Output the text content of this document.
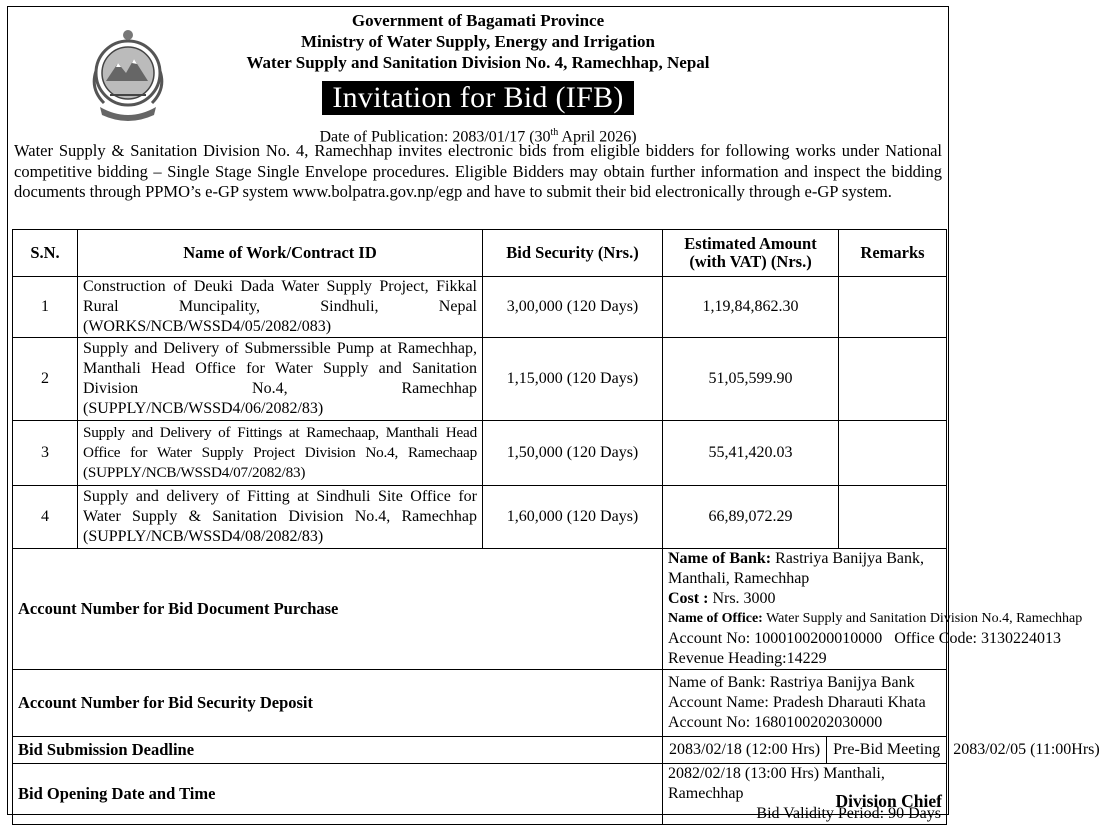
Government of Bagamati Province
Ministry of Water Supply, Energy and Irrigation
Water Supply and Sanitation Division No. 4, Ramechhap, Nepal
Invitation for Bid (IFB)
Date of Publication: 2083/01/17 (30th April 2026)
Water Supply & Sanitation Division No. 4, Ramechhap invites electronic bids from eligible bidders for following works under National competitive bidding – Single Stage Single Envelope procedures. Eligible Bidders may obtain further information and inspect the bidding documents through PPMO’s e-GP system www.bolpatra.gov.np/egp and have to submit their bid electronically through e-GP system.
S.N.	Name of Work/Contract ID	Bid Security (Nrs.)	Estimated Amount
(with VAT) (Nrs.)	Remarks
1	Construction of Deuki Dada Water Supply Project, Fikkal Rural Muncipality, Sindhuli, Nepal (WORKS/NCB/WSSD4/05/2082/083)	3,00,000 (120 Days)	1,19,84,862.30	
2	Supply and Delivery of Submerssible Pump at Ramechhap, Manthali Head Office for Water Supply and Sanitation Division No.4, Ramechhap (SUPPLY/NCB/WSSD4/06/2082/83)	1,15,000 (120 Days)	51,05,599.90	
3	Supply and Delivery of Fittings at Ramechaap, Manthali Head Office for Water Supply Project Division No.4, Ramechaap (SUPPLY/NCB/WSSD4/07/2082/83)	1,50,000 (120 Days)	55,41,420.03	
4	Supply and delivery of Fitting at Sindhuli Site Office for Water Supply & Sanitation Division No.4, Ramechhap (SUPPLY/NCB/WSSD4/08/2082/83)	1,60,000 (120 Days)	66,89,072.29	
Account Number for Bid Document Purchase			Name of Bank: Rastriya Banijya Bank, Manthali, Ramechhap
Cost : Nrs. 3000
Name of Office: Water Supply and Sanitation Division No.4, Ramechhap
Account No: 1000100200010000   Office Code: 3130224013
Revenue Heading:14229	

Account Number for Bid Security Deposit			Name of Bank: Rastriya Banijya Bank
Account Name: Pradesh Dharauti Khata
Account No: 1680100202030000	

Bid Submission Deadline			2083/02/18 (12:00 Hrs) Pre-Bid Meeting 2083/02/05 (11:00Hrs)	

Bid Opening Date and Time			2082/02/18 (13:00 Hrs) Manthali, Ramechhap
Bid Validity Period: 90 Days	
Division Chief
